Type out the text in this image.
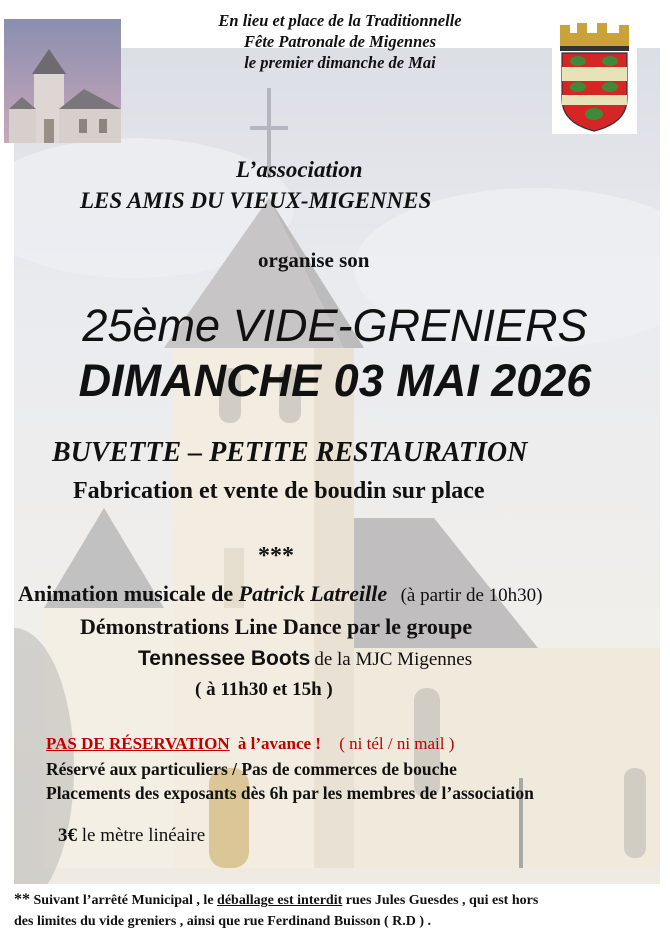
En lieu et place de la Traditionnelle
Fête Patronale de Migennes
le premier dimanche de Mai
L’association
LES AMIS DU VIEUX-MIGENNES
organise son
25ème VIDE-GRENIERS
DIMANCHE 03 MAI 2026
BUVETTE – PETITE RESTAURATION
Fabrication et vente de boudin sur place
***
Animation musicale de Patrick Latreille (à partir de 10h30)
Démonstrations Line Dance par le groupe
Tennessee Boots de la MJC Migennes
( à 11h30 et 15h )
PAS DE RÉSERVATION à l’avance ! ( ni tél / ni mail )
Réservé aux particuliers / Pas de commerces de bouche
Placements des exposants dès 6h par les membres de l’association
3€ le mètre linéaire
** Suivant l’arrêté Municipal , le déballage est interdit rues Jules Guesdes , qui est hors
des limites du vide greniers , ainsi que rue Ferdinand Buisson ( R.D ) .
